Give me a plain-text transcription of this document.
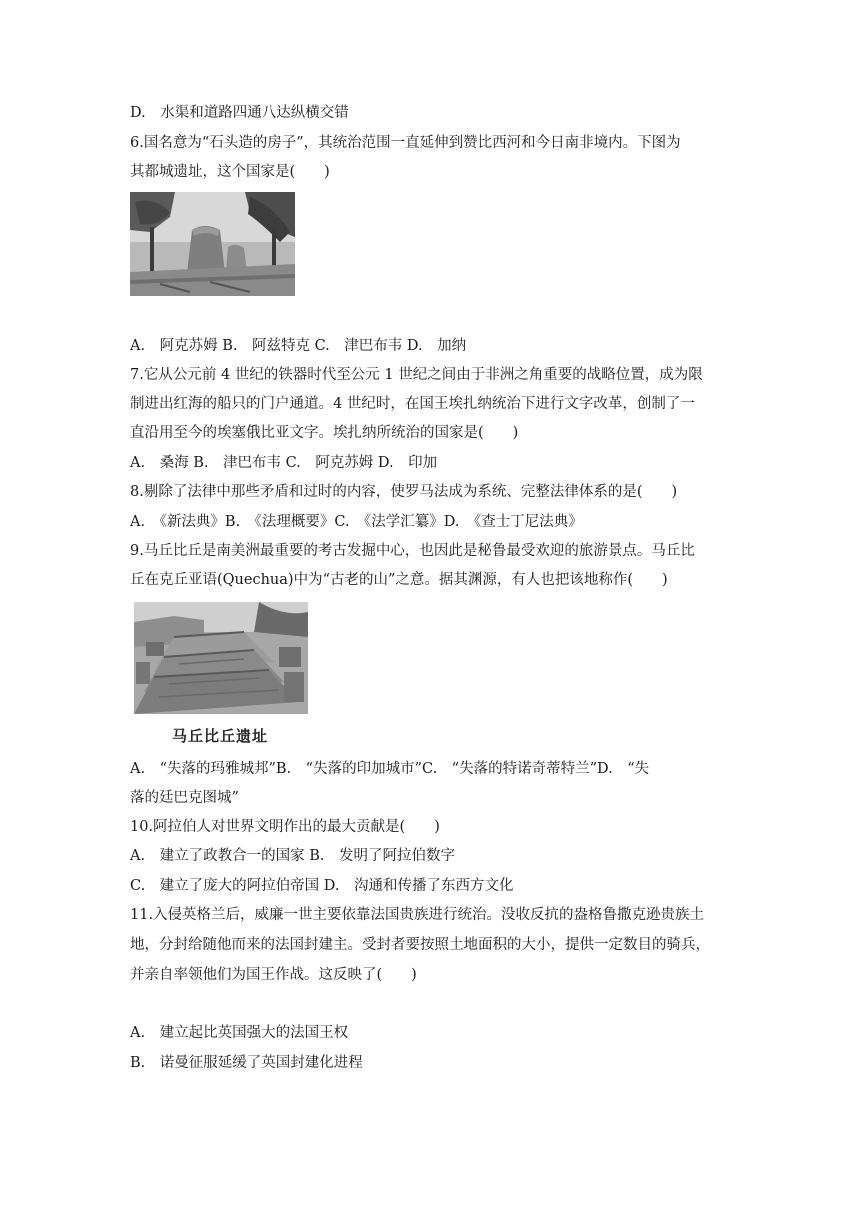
D.　水渠和道路四通八达纵横交错
6.国名意为“石头造的房子”，其统治范围一直延伸到赞比西河和今日南非境内。下图为
其都城遗址，这个国家是(　　)
A.　阿克苏姆 B.　阿兹特克 C.　津巴布韦 D.　加纳
7.它从公元前 4 世纪的铁器时代至公元 1 世纪之间由于非洲之角重要的战略位置，成为限
制进出红海的船只的门户通道。4 世纪时，在国王埃扎纳统治下进行文字改革，创制了一
直沿用至今的埃塞俄比亚文字。埃扎纳所统治的国家是(　　)
A.　桑海 B.　津巴布韦 C.　阿克苏姆 D.　印加
8.剔除了法律中那些矛盾和过时的内容，使罗马法成为系统、完整法律体系的是(　　)
A.　《新法典》B.　《法理概要》C.　《法学汇纂》D.　《查士丁尼法典》
9.马丘比丘是南美洲最重要的考古发掘中心，也因此是秘鲁最受欢迎的旅游景点。马丘比
丘在克丘亚语(Quechua)中为“古老的山”之意。据其渊源，有人也把该地称作(　　)
马丘比丘遗址
A.　“失落的玛雅城邦”B.　“失落的印加城市”C.　“失落的特诺奇蒂特兰”D.　“失
落的廷巴克图城”
10.阿拉伯人对世界文明作出的最大贡献是(　　)
A.　建立了政教合一的国家 B.　发明了阿拉伯数字
C.　建立了庞大的阿拉伯帝国 D.　沟通和传播了东西方文化
11.入侵英格兰后，威廉一世主要依靠法国贵族进行统治。没收反抗的盎格鲁撒克逊贵族土
地，分封给随他而来的法国封建主。受封者要按照土地面积的大小，提供一定数目的骑兵，
并亲自率领他们为国王作战。这反映了(　　)
A.　建立起比英国强大的法国王权
B.　诺曼征服延缓了英国封建化进程
